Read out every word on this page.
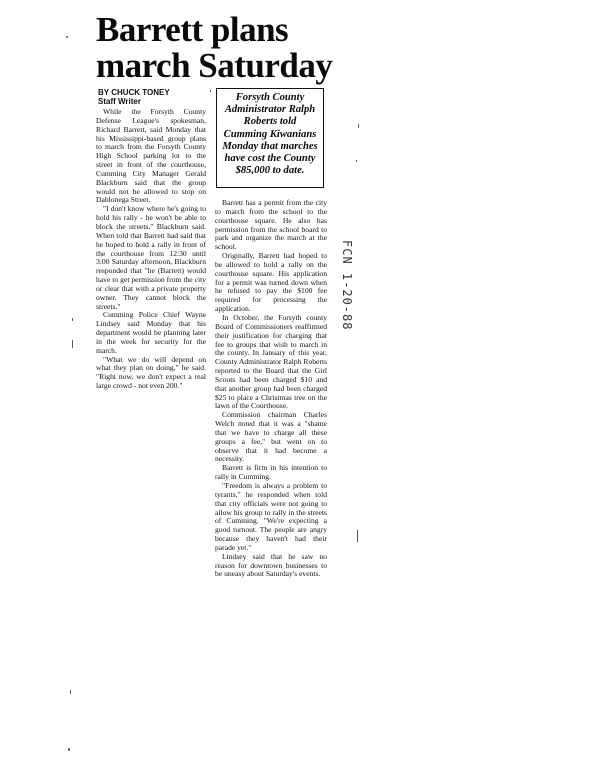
Barrett plans march Saturday
BY CHUCK TONEY
Staff Writer	Forsyth County Administrator Ralph Roberts told Cumming Kiwanians Monday that marches have cost the County $85,000 to date.

While the Forsyth County Defense League's spokesman, Richard Barrett, said Monday that his Mississippi-based group plans to march from the Forsyth County High School parking lot to the street in front of the courthouse, Cumming City Manager Gerald Blackburn said that the group would not be allowed to stop on Dahlonega Street.

"I don't know where he's going to hold his rally - he won't be able to block the streets," Blackburn said. When told that Barrett had said that he hoped to hold a rally in front of the courthouse from 12:30 until 3:00 Saturday afternoon, Blackburn responded that "he (Barrett) would have to get permission from the city or clear that with a private property owner. They cannot block the streets."

Cumming Police Chief Wayne Lindsey said Monday that his department would be planning later in the week for security for the march.

"What we do will depend on what they plan on doing," he said. "Right now, we don't expect a real large crowd - not even 200."

Barrett has a permit from the city to march from the school to the courthouse square. He also has permission from the school board to park and organize the march at the school.

Originally, Barrett had hoped to be allowed to hold a rally on the courthouse square. His application for a permit was turned down when he refused to pay the $100 fee required for processing the application.

In October, the Forsyth county Board of Commissioners reaffirmed their justification for charging that fee to groups that wish to march in the county. In January of this year, County Administrator Ralph Roberts reported to the Board that the Girl Scouts had been charged $10 and that another group had been charged $25 to place a Christmas tree on the lawn of the Courthouse.

Commission chairman Charles Welch noted that it was a "shame that we have to charge all these groups a fee," but went on to observe that it had become a necessity.

Barrett is firm in his intention to rally in Cumming.

"Freedom is always a problem to tyrants," he responded when told that city officials were not going to allow his group to rally in the streets of Cumming. "We're expecting a good turnout. The people are angry because they haven't had their parade yet."

Lindsey said that he saw no reason for downtown businesses to be uneasy about Saturday's events.

FCN 1-20-88
